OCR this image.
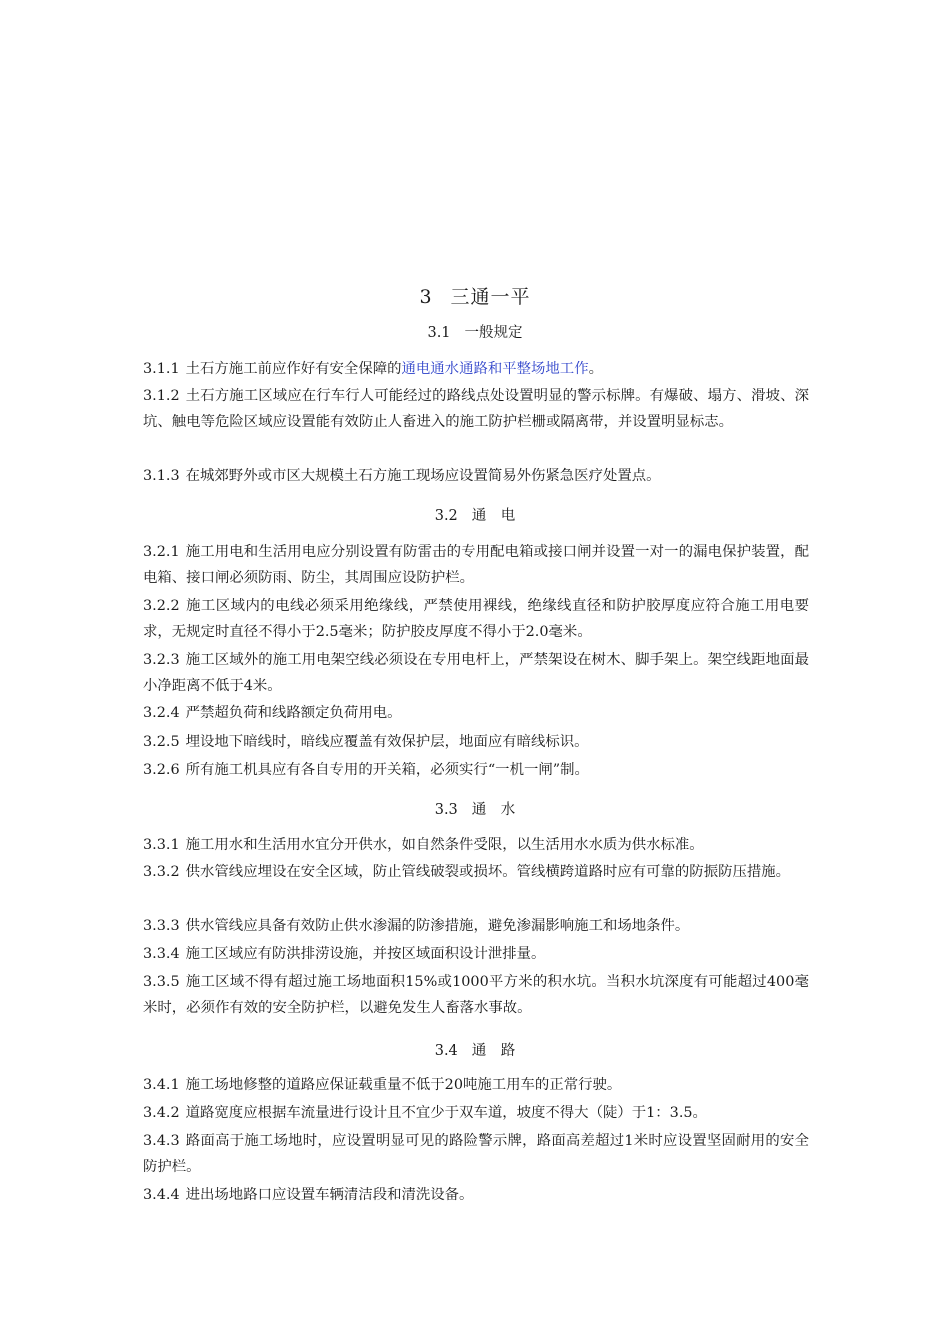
3 三通一平
3.1 一般规定
3.1.1 土石方施工前应作好有安全保障的通电通水通路和平整场地工作。
3.1.2 土石方施工区域应在行车行人可能经过的路线点处设置明显的警示标牌。有爆破、塌方、滑坡、深坑、触电等危险区域应设置能有效防止人畜进入的施工防护栏栅或隔离带，并设置明显标志。
3.1.3 在城郊野外或市区大规模土石方施工现场应设置简易外伤紧急医疗处置点。
3.2 通　电
3.2.1 施工用电和生活用电应分别设置有防雷击的专用配电箱或接口闸并设置一对一的漏电保护装置，配电箱、接口闸必须防雨、防尘，其周围应设防护栏。
3.2.2 施工区域内的电线必须采用绝缘线，严禁使用裸线，绝缘线直径和防护胶厚度应符合施工用电要求，无规定时直径不得小于2.5毫米；防护胶皮厚度不得小于2.0毫米。
3.2.3 施工区域外的施工用电架空线必须设在专用电杆上，严禁架设在树木、脚手架上。架空线距地面最小净距离不低于4米。
3.2.4 严禁超负荷和线路额定负荷用电。
3.2.5 埋设地下暗线时，暗线应覆盖有效保护层，地面应有暗线标识。
3.2.6 所有施工机具应有各自专用的开关箱，必须实行“一机一闸”制。
3.3 通　水
3.3.1 施工用水和生活用水宜分开供水，如自然条件受限，以生活用水水质为供水标准。
3.3.2 供水管线应埋设在安全区域，防止管线破裂或损坏。管线横跨道路时应有可靠的防振防压措施。
3.3.3 供水管线应具备有效防止供水渗漏的防渗措施，避免渗漏影响施工和场地条件。
3.3.4 施工区域应有防洪排涝设施，并按区域面积设计泄排量。
3.3.5 施工区域不得有超过施工场地面积15%或1000平方米的积水坑。当积水坑深度有可能超过400毫米时，必须作有效的安全防护栏，以避免发生人畜落水事故。
3.4 通　路
3.4.1 施工场地修整的道路应保证载重量不低于20吨施工用车的正常行驶。
3.4.2 道路宽度应根据车流量进行设计且不宜少于双车道，坡度不得大（陡）于1：3.5。
3.4.3 路面高于施工场地时，应设置明显可见的路险警示牌，路面高差超过1米时应设置坚固耐用的安全防护栏。
3.4.4 进出场地路口应设置车辆清洁段和清洗设备。
